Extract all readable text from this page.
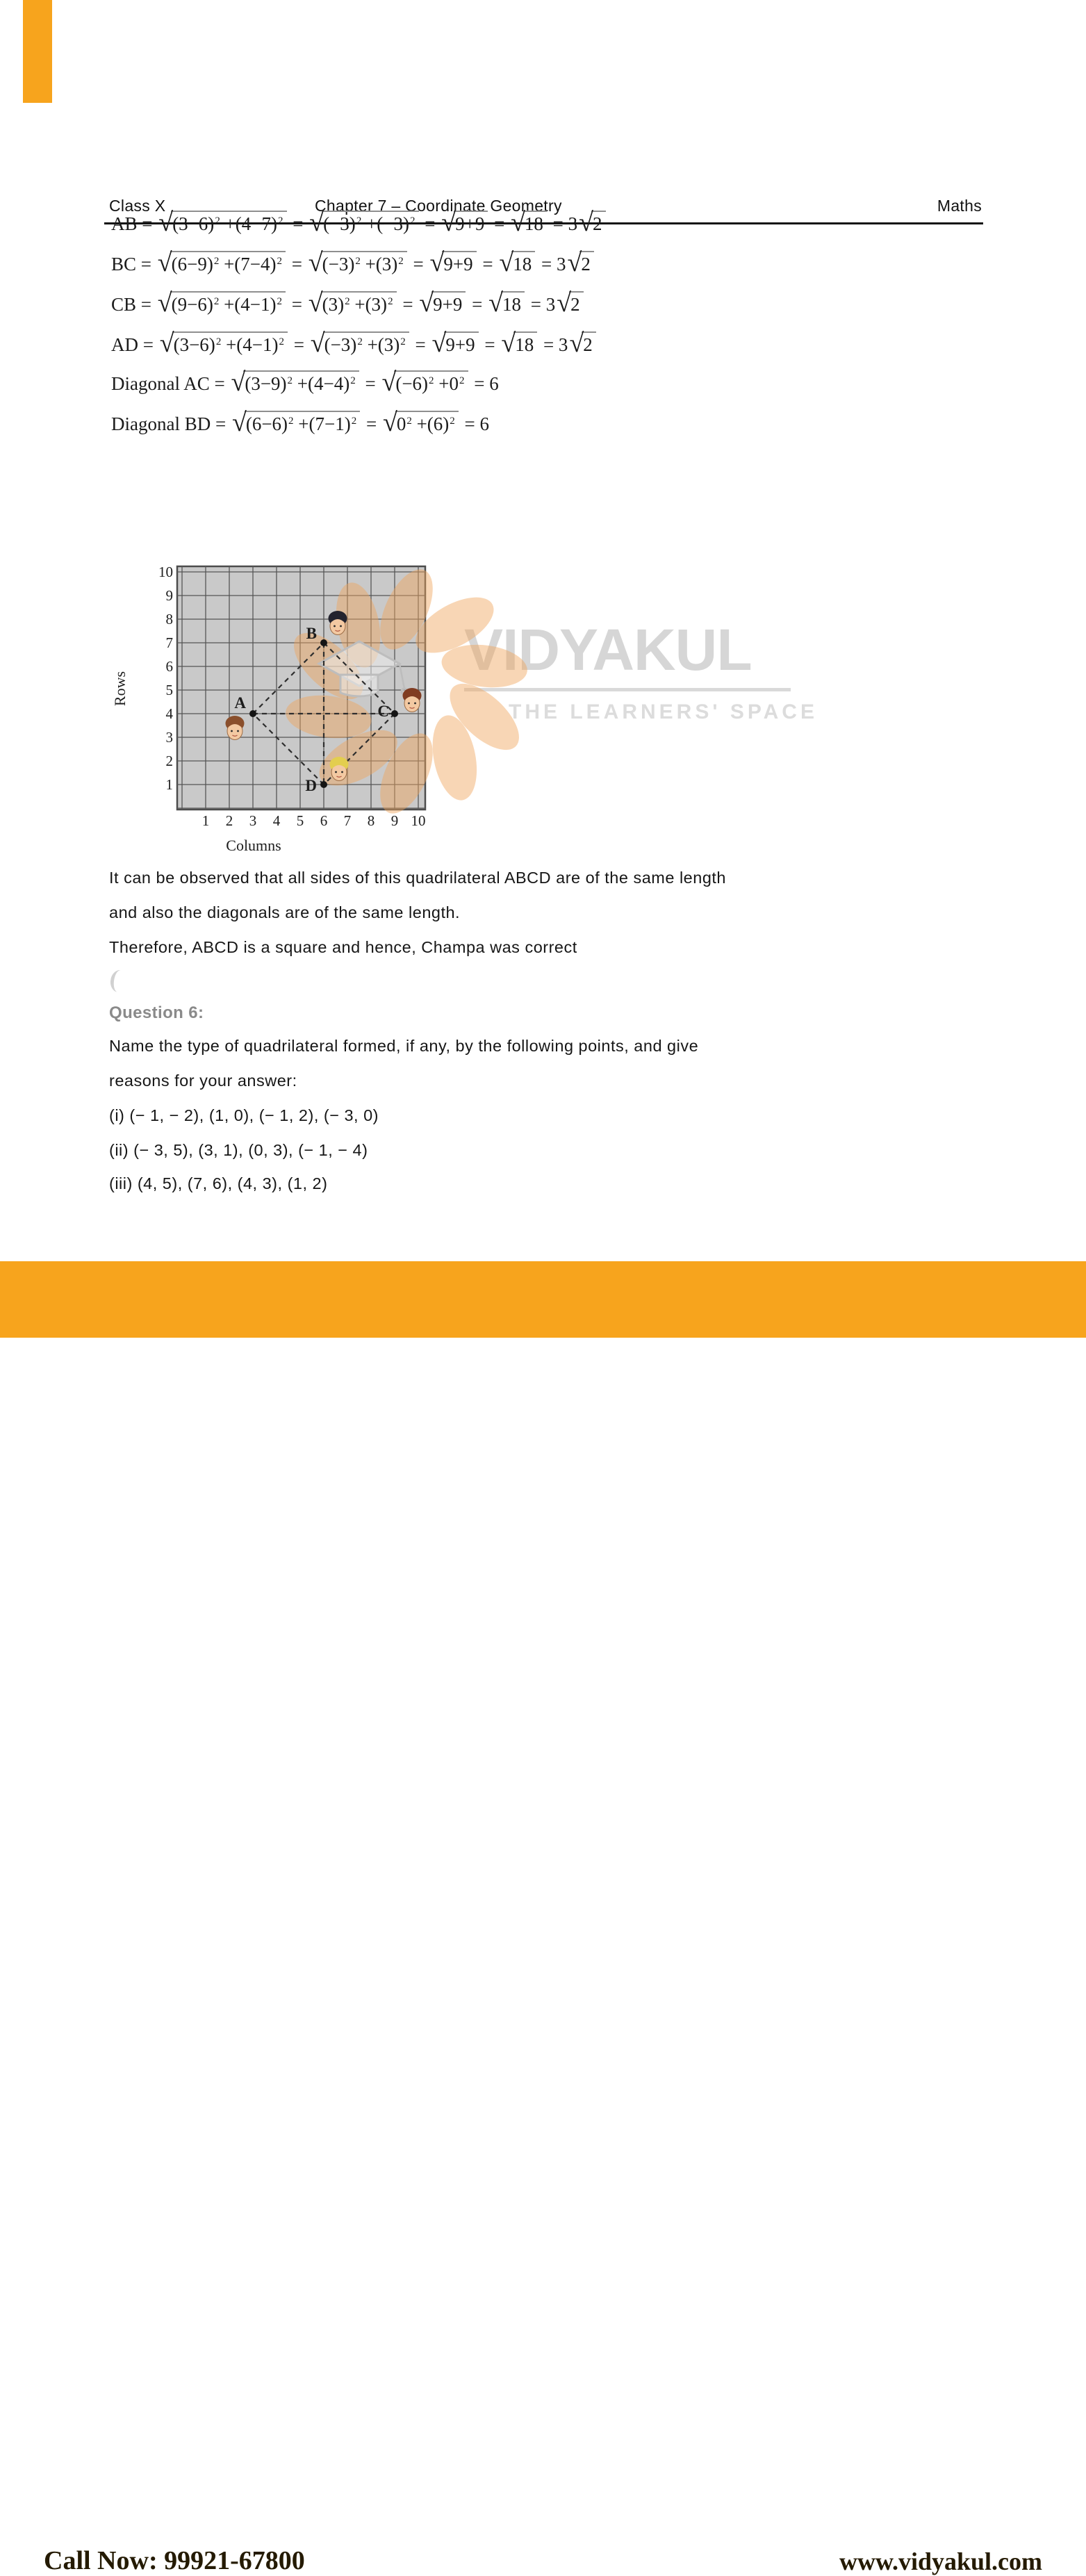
Class X	Chapter 7 – Coordinate Geometry	Maths
AB = √ $(3-6)^2 +(4-7)^2$ = √ $(-3)^2 +(-3)^2$ = √ 9+9 = √ 18 = 3 √ 2
BC = √ $(6-9)^2 +(7-4)^2$ = √ $(-3)^2 +(3)^2$ = √ 9+9 = √ 18 = 3 √ 2
CB = √ $(9-6)^2 +(4-1)^2$ = √ $(3)^2 +(3)^2$ = √ 9+9 = √ 18 = 3 √ 2
AD = √ $(3-6)^2 +(4-1)^2$ = √ $(-3)^2 +(3)^2$ = √ 9+9 = √ 18 = 3 √ 2
Diagonal AC = √ $(3-9)^2 +(4-4)^2$ = √ $(-6)^2 +0^2 = 6$
Diagonal BD = √ $(6-6)^2 +(7-1)^2$ = √ $0^2 +(6)^2 = 6$
VIDYAKUL
THE LEARNERS' SPACE
A
B
C
D
1 2 3 4 5 6 7 8 9 10
1
2
3
4
5
6
7
8
9
10
Columns
Rows
It can be observed that all sides of this quadrilateral ABCD are of the same length
and also the diagonals are of the same length.
Therefore, ABCD is a square and hence, Champa was correct
Question 6:
Name the type of quadrilateral formed, if any, by the following points, and give
reasons for your answer:
(i) (− 1, − 2), (1, 0), (− 1, 2), (− 3, 0)
(ii) (− 3, 5), (3, 1), (0, 3), (− 1, − 4)
(iii) (4, 5), (7, 6), (4, 3), (1, 2)
Call Now: 99921-67800	www.vidyakul.com
